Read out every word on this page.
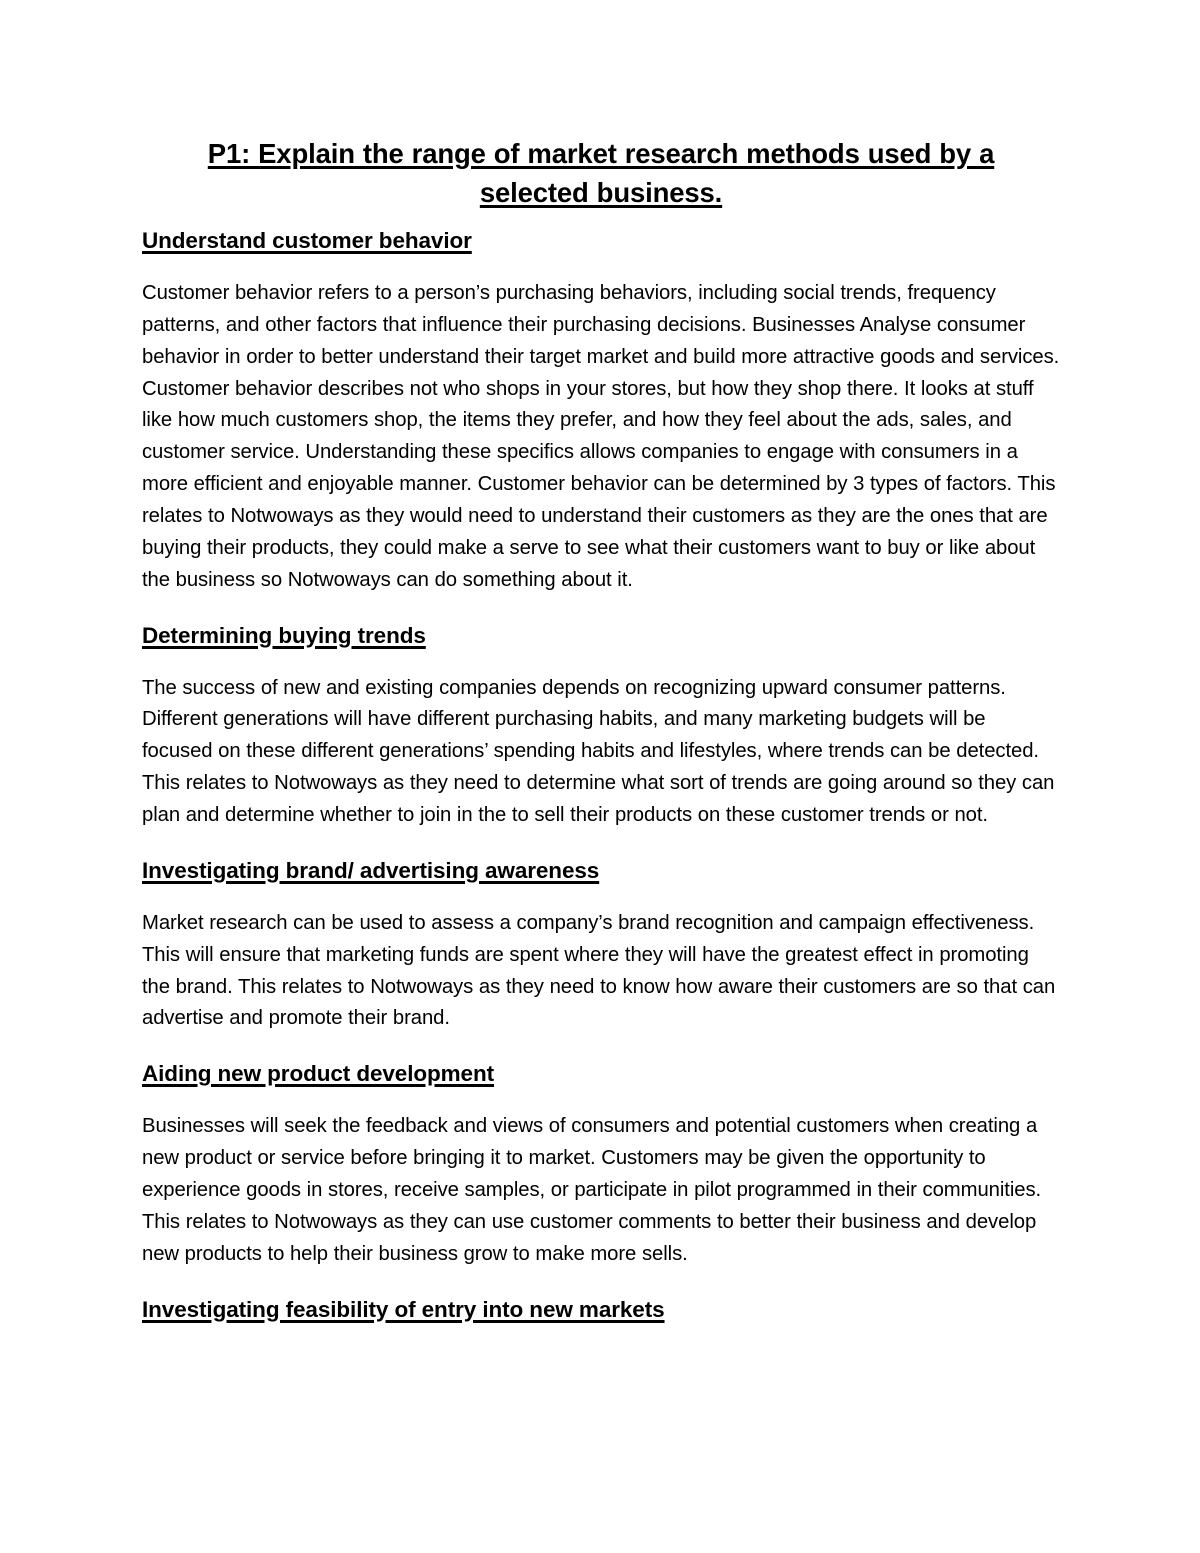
P1: Explain the range of market research methods used by a
selected business.
Understand customer behavior

Customer behavior refers to a person’s purchasing behaviors, including social trends, frequency patterns, and other factors that influence their purchasing decisions. Businesses Analyse consumer behavior in order to better understand their target market and build more attractive goods and services. Customer behavior describes not who shops in your stores, but how they shop there. It looks at stuff like how much customers shop, the items they prefer, and how they feel about the ads, sales, and customer service. Understanding these specifics allows companies to engage with consumers in a more efficient and enjoyable manner. Customer behavior can be determined by 3 types of factors. This relates to Notwoways as they would need to understand their customers as they are the ones that are buying their products, they could make a serve to see what their customers want to buy or like about the business so Notwoways can do something about it.

Determining buying trends

The success of new and existing companies depends on recognizing upward consumer patterns. Different generations will have different purchasing habits, and many marketing budgets will be focused on these different generations’ spending habits and lifestyles, where trends can be detected. This relates to Notwoways as they need to determine what sort of trends are going around so they can plan and determine whether to join in the to sell their products on these customer trends or not.

Investigating brand/ advertising awareness

Market research can be used to assess a company’s brand recognition and campaign effectiveness. This will ensure that marketing funds are spent where they will have the greatest effect in promoting the brand. This relates to Notwoways as they need to know how aware their customers are so that can advertise and promote their brand.

Aiding new product development

Businesses will seek the feedback and views of consumers and potential customers when creating a new product or service before bringing it to market. Customers may be given the opportunity to experience goods in stores, receive samples, or participate in pilot programmed in their communities. This relates to Notwoways as they can use customer comments to better their business and develop new products to help their business grow to make more sells.

Investigating feasibility of entry into new markets
